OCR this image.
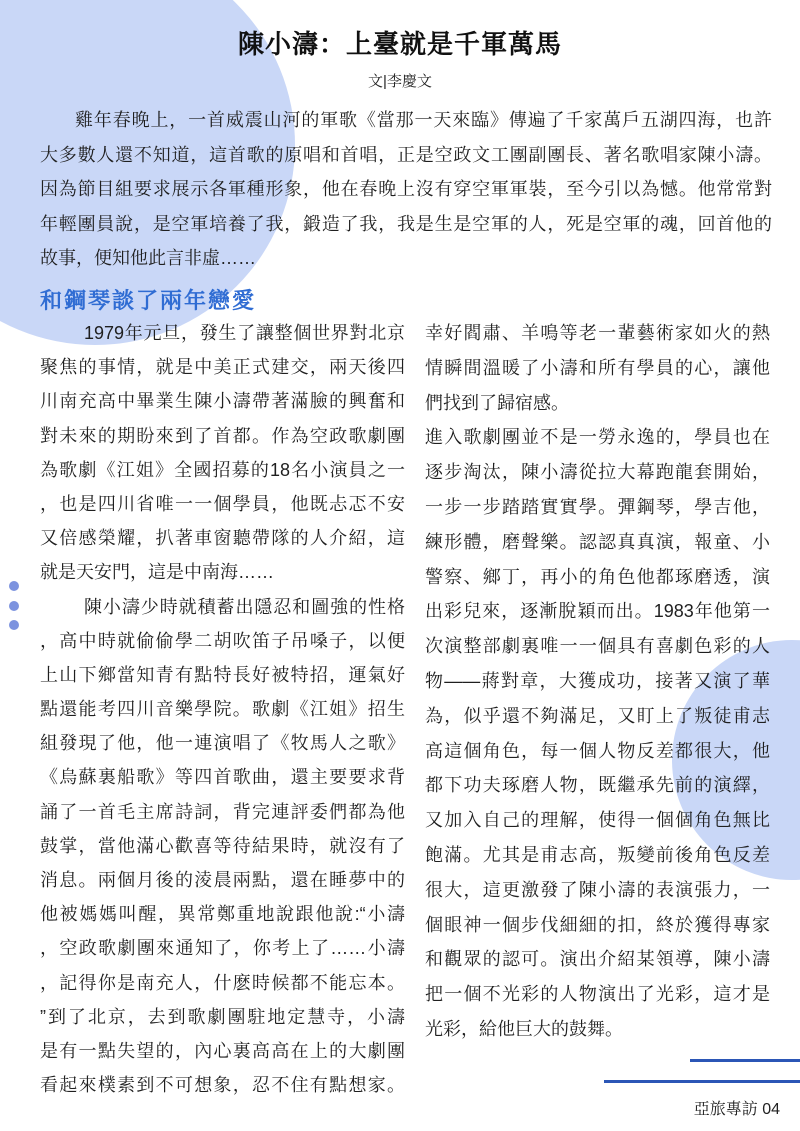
陳小濤：上臺就是千軍萬馬
文|李慶文
雞年春晚上，一首威震山河的軍歌《當那一天來臨》傳遍了千家萬戶五湖四海，也許
大多數人還不知道，這首歌的原唱和首唱，正是空政文工團副團長、著名歌唱家陳小濤。
因為節目組要求展示各軍種形象，他在春晚上沒有穿空軍軍裝，至今引以為憾。他常常對
年輕團員說，是空軍培養了我，鍛造了我，我是生是空軍的人，死是空軍的魂，回首他的
故事，便知他此言非虛……
和鋼琴談了兩年戀愛
1979年元旦，發生了讓整個世界對北京
聚焦的事情，就是中美正式建交，兩天後四
川南充高中畢業生陳小濤帶著滿臉的興奮和
對未來的期盼來到了首都。作為空政歌劇團
為歌劇《江姐》全國招募的18名小演員之一
，也是四川省唯一一個學員，他既忐忑不安
又倍感榮耀，扒著車窗聽帶隊的人介紹，這
就是天安門，這是中南海……
陳小濤少時就積蓄出隱忍和圖強的性格
，高中時就偷偷學二胡吹笛子吊嗓子，以便
上山下鄉當知青有點特長好被特招，運氣好
點還能考四川音樂學院。歌劇《江姐》招生
組發現了他，他一連演唱了《牧馬人之歌》
《烏蘇裏船歌》等四首歌曲，還主要要求背
誦了一首毛主席詩詞，背完連評委們都為他
鼓掌，當他滿心歡喜等待結果時，就沒有了
消息。兩個月後的淩晨兩點，還在睡夢中的
他被媽媽叫醒，異常鄭重地說跟他說:“小濤
，空政歌劇團來通知了，你考上了……小濤
，記得你是南充人，什麽時候都不能忘本。
”到了北京，去到歌劇團駐地定慧寺，小濤
是有一點失望的，內心裏高高在上的大劇團
看起來樸素到不可想象，忍不住有點想家。
幸好閻肅、羊鳴等老一輩藝術家如火的熱
情瞬間溫暖了小濤和所有學員的心，讓他
們找到了歸宿感。
進入歌劇團並不是一勞永逸的，學員也在
逐步淘汰，陳小濤從拉大幕跑龍套開始，
一步一步踏踏實實學。彈鋼琴，學吉他，
練形體，磨聲樂。認認真真演，報童、小
警察、鄉丁，再小的角色他都琢磨透，演
出彩兒來，逐漸脫穎而出。1983年他第一
次演整部劇裏唯一一個具有喜劇色彩的人
物——蔣對章，大獲成功，接著又演了華
為，似乎還不夠滿足，又盯上了叛徒甫志
高這個角色，每一個人物反差都很大，他
都下功夫琢磨人物，既繼承先前的演繹，
又加入自己的理解，使得一個個角色無比
飽滿。尤其是甫志高，叛變前後角色反差
很大，這更激發了陳小濤的表演張力，一
個眼神一個步伐細細的扣，終於獲得專家
和觀眾的認可。演出介紹某領導，陳小濤
把一個不光彩的人物演出了光彩，這才是
光彩，給他巨大的鼓舞。
亞旅專訪 04
